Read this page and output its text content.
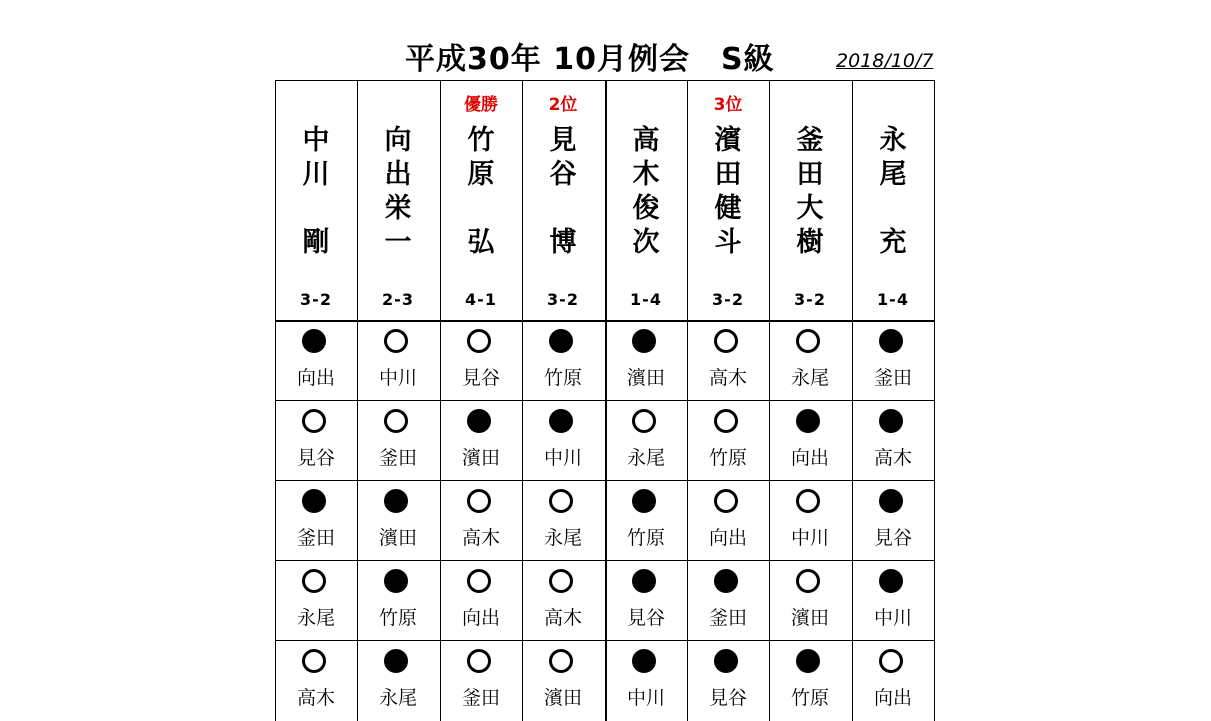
平成30年 10月例会　S級	2018/10/7
中
川
剛
3-2
向出
見谷
釜田
永尾
高木
向
出
栄
一
2-3
中川
釜田
濱田
竹原
永尾
優勝
竹
原
弘
4-1
見谷
濱田
高木
向出
釜田
2位
見
谷
博
3-2
竹原
中川
永尾
高木
濱田
高
木
俊
次
1-4
濱田
永尾
竹原
見谷
中川
3位
濱
田
健
斗
3-2
高木
竹原
向出
釜田
見谷
釜
田
大
樹
3-2
永尾
向出
中川
濱田
竹原
永
尾
充
1-4
釜田
高木
見谷
中川
向出
